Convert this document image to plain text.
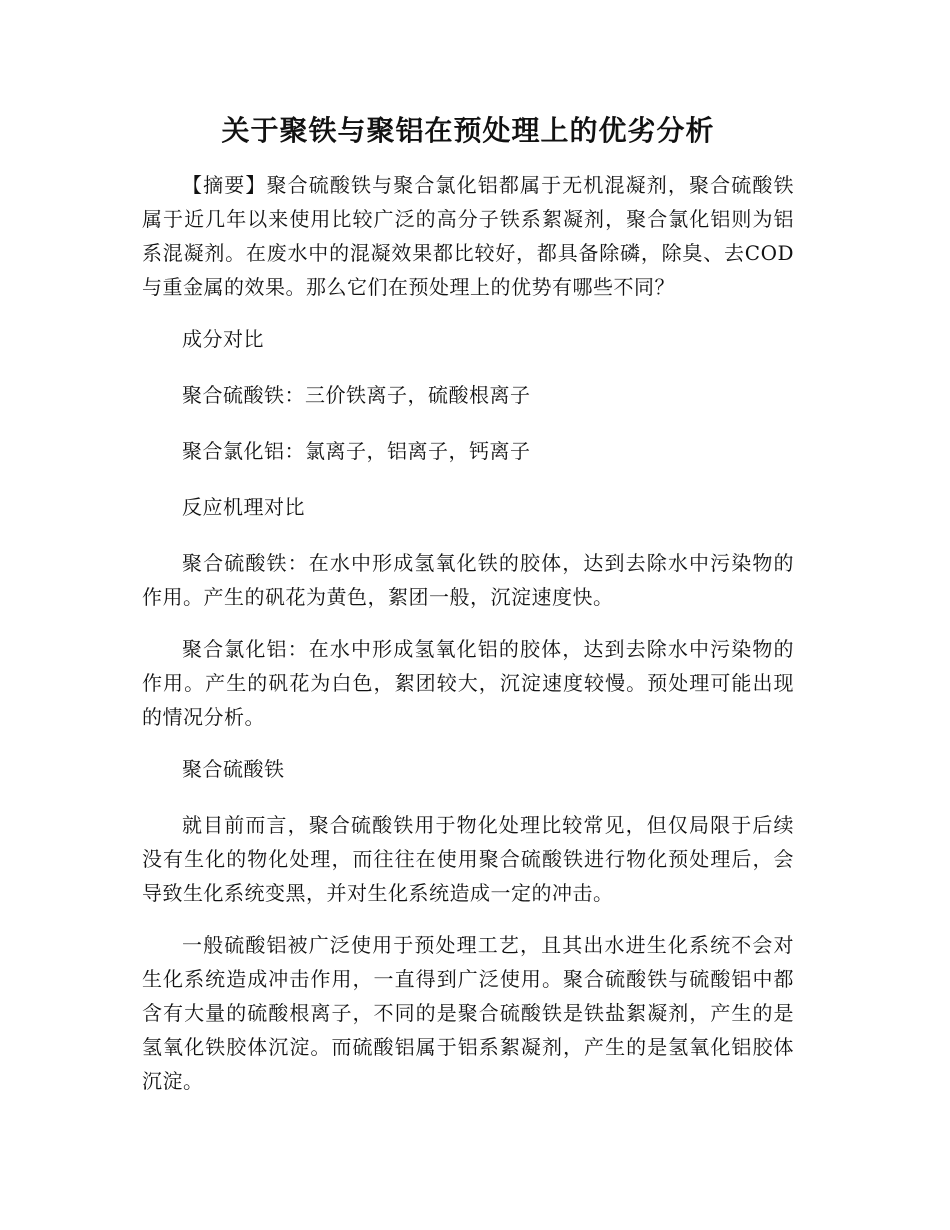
关于聚铁与聚铝在预处理上的优劣分析

【摘要】聚合硫酸铁与聚合氯化铝都属于无机混凝剂，聚合硫酸铁属于近几年以来使用比较广泛的高分子铁系絮凝剂，聚合氯化铝则为铝系混凝剂。在废水中的混凝效果都比较好，都具备除磷，除臭、去COD与重金属的效果。那么它们在预处理上的优势有哪些不同？

成分对比

聚合硫酸铁：三价铁离子，硫酸根离子

聚合氯化铝：氯离子，铝离子，钙离子

反应机理对比

聚合硫酸铁：在水中形成氢氧化铁的胶体，达到去除水中污染物的作用。产生的矾花为黄色，絮团一般，沉淀速度快。

聚合氯化铝：在水中形成氢氧化铝的胶体，达到去除水中污染物的作用。产生的矾花为白色，絮团较大，沉淀速度较慢。预处理可能出现的情况分析。

聚合硫酸铁

就目前而言，聚合硫酸铁用于物化处理比较常见，但仅局限于后续没有生化的物化处理，而往往在使用聚合硫酸铁进行物化预处理后，会导致生化系统变黑，并对生化系统造成一定的冲击。

一般硫酸铝被广泛使用于预处理工艺，且其出水进生化系统不会对生化系统造成冲击作用，一直得到广泛使用。聚合硫酸铁与硫酸铝中都含有大量的硫酸根离子，不同的是聚合硫酸铁是铁盐絮凝剂，产生的是氢氧化铁胶体沉淀。而硫酸铝属于铝系絮凝剂，产生的是氢氧化铝胶体沉淀。
